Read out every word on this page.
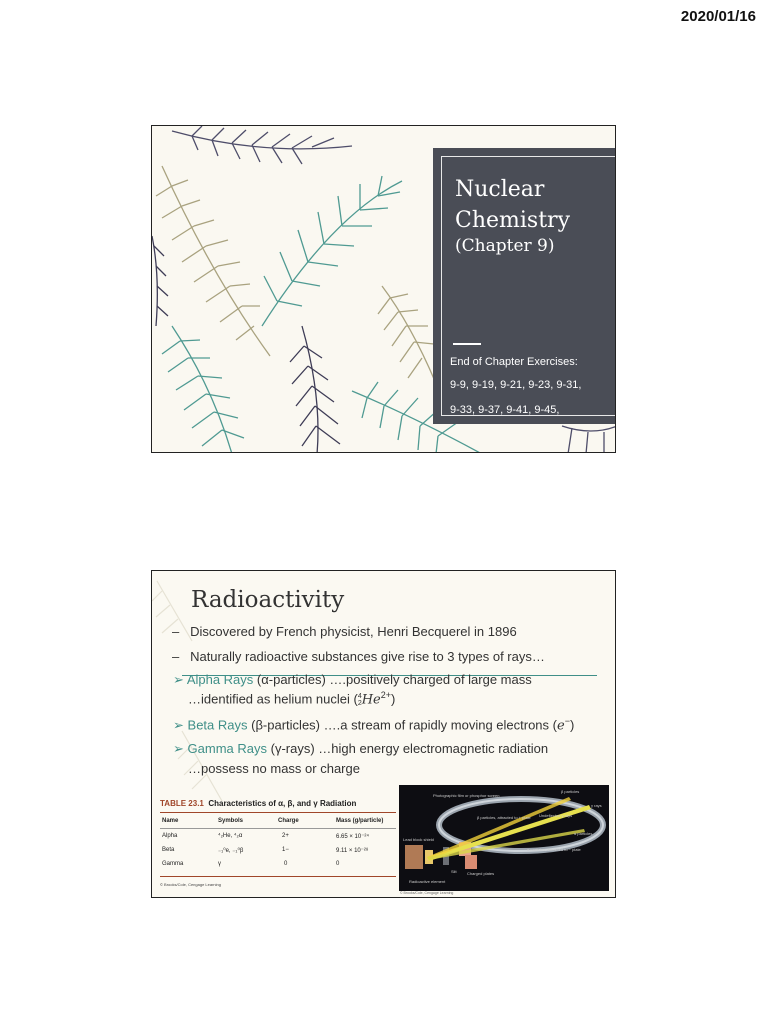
2020/01/16
Nuclear
Chemistry
(Chapter 9)
End of Chapter Exercises:
9-9, 9-19, 9-21, 9-23, 9-31,
9-33, 9-37, 9-41, 9-45,
Radioactivity
–   Discovered by French physicist, Henri Becquerel in 1896
–   Naturally radioactive substances give rise to 3 types of rays…
➢ Alpha Rays (α-particles) ….positively charged of large mass
…identified as helium nuclei ( 4
2 $He^{2+}$)
➢ Beta Rays (β-particles) ….a stream of rapidly moving electrons (e−)
➢ Gamma Rays (γ-rays) …high energy electromagnetic radiation
…possess no mass or charge
TABLE 23.1 Characteristics of α, β, and γ Radiation
Name	Symbols	Charge	Mass (g/particle)
Alpha	⁴₂He, ⁴₂α	2+	6.65 × 10⁻²⁴
Beta	₋₁⁰e, ₋₁⁰β	1−	9.11 × 10⁻²⁸
Gamma	γ	0	0
© Brooks/Cole, Cengage Learning
Photographic film or phosphor screen
β particles
γ rays
β particles, attracted to + plate Undeflected γ rays
α particles
α particles, attracted to − plate
Lead block shield
Slit	Charged plates
Radioactive element
© Brooks/Cole, Cengage Learning
